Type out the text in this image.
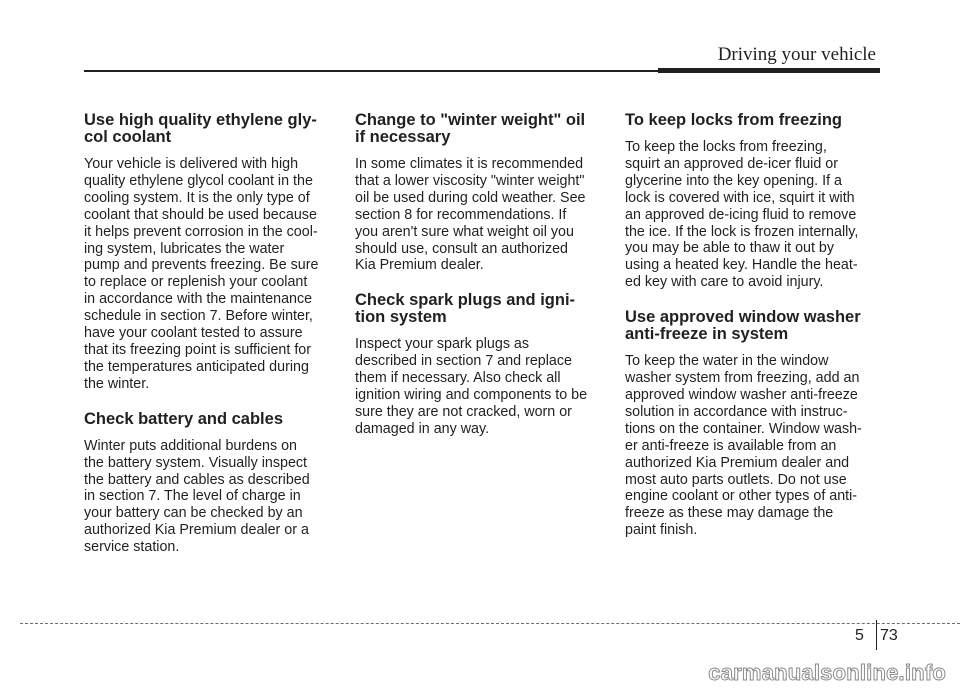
Driving your vehicle
Use high quality ethylene gly-
col coolant

Your vehicle is delivered with high
quality ethylene glycol coolant in the
cooling system. It is the only type of
coolant that should be used because
it helps prevent corrosion in the cool-
ing system, lubricates the water
pump and prevents freezing. Be sure
to replace or replenish your coolant
in accordance with the maintenance
schedule in section 7. Before winter,
have your coolant tested to assure
that its freezing point is sufficient for
the temperatures anticipated during
the winter.

Check battery and cables

Winter puts additional burdens on
the battery system. Visually inspect
the battery and cables as described
in section 7. The level of charge in
your battery can be checked by an
authorized Kia Premium dealer or a
service station.

Change to "winter weight" oil
if necessary

In some climates it is recommended
that a lower viscosity "winter weight"
oil be used during cold weather. See
section 8 for recommendations. If
you aren't sure what weight oil you
should use, consult an authorized
Kia Premium dealer.

Check spark plugs and igni-
tion system

Inspect your spark plugs as
described in section 7 and replace
them if necessary. Also check all
ignition wiring and components to be
sure they are not cracked, worn or
damaged in any way.

To keep locks from freezing

To keep the locks from freezing,
squirt an approved de-icer fluid or
glycerine into the key opening. If a
lock is covered with ice, squirt it with
an approved de-icing fluid to remove
the ice. If the lock is frozen internally,
you may be able to thaw it out by
using a heated key. Handle the heat-
ed key with care to avoid injury.

Use approved window washer
anti-freeze in system

To keep the water in the window
washer system from freezing, add an
approved window washer anti-freeze
solution in accordance with instruc-
tions on the container. Window wash-
er anti-freeze is available from an
authorized Kia Premium dealer and
most auto parts outlets. Do not use
engine coolant or other types of anti-
freeze as these may damage the
paint finish.

5 73
carmanualsonline.info
